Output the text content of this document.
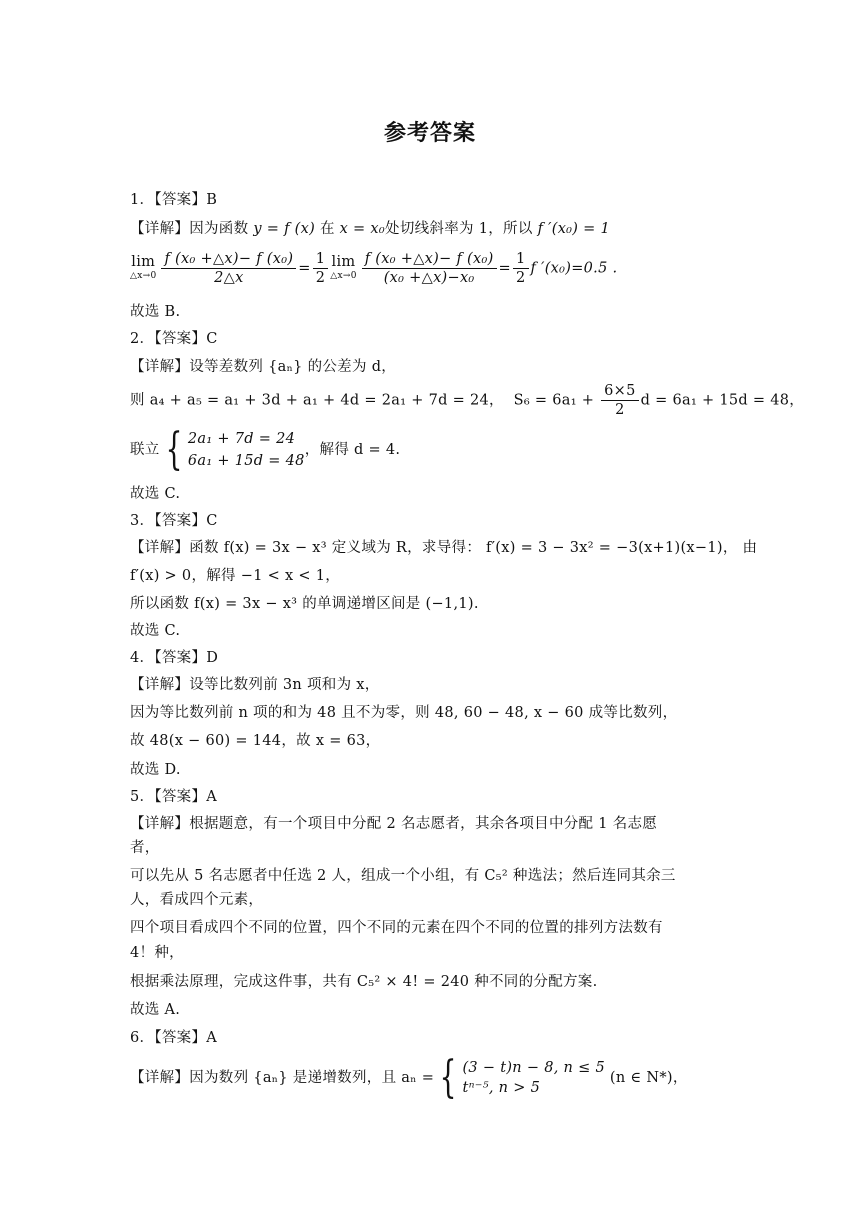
参考答案
1．【答案】B
【详解】因为函数 y = f (x) 在 x = x₀处切线斜率为 1，所以 f ′(x₀) = 1
lim
△x→0 $\frac{\text{f (x₀ +△x)− f (x₀)}}{2\triangle x} = \frac{1}{2}$ lim
△x→0 $\frac{\text{f (x₀ +△x)− f (x₀)}}{\text{(x₀ +△x)−x₀}} = \frac{1}{2}$ f ′(x₀)=0.5 .
故选 B.
2．【答案】C
【详解】设等差数列 {aₙ} 的公差为 d，
则 a₄ + a₅ = a₁ + 3d + a₁ + 4d = 2a₁ + 7d = 24， $S_6 = 6a_1 + \frac{6\times 5}{2}$ d = 6a₁ + 15d = 48，
联立 { 2a₁ + 7d = 24
6a₁ + 15d = 48
，解得 d = 4.
故选 C.
3．【答案】C
【详解】函数 f(x) = 3x − x³ 定义域为 R，求导得： f′(x) = 3 − 3x² = −3(x+1)(x−1)， 由
f′(x) > 0，解得 −1 < x < 1，
所以函数 f(x) = 3x − x³ 的单调递增区间是 (−1,1).
故选 C.
4．【答案】D
【详解】设等比数列前 3n 项和为 x，
因为等比数列前 n 项的和为 48 且不为零，则 48, 60 − 48, x − 60 成等比数列，
故 48(x − 60) = 144，故 x = 63，
故选 D.
5．【答案】A
【详解】根据题意，有一个项目中分配 2 名志愿者，其余各项目中分配 1 名志愿
者，
可以先从 5 名志愿者中任选 2 人，组成一个小组，有 C₅² 种选法；然后连同其余三
人，看成四个元素，
四个项目看成四个不同的位置，四个不同的元素在四个不同的位置的排列方法数有
4！种，
根据乘法原理，完成这件事，共有 C₅² × 4! = 240 种不同的分配方案.
故选 A.
6．【答案】A
【详解】因为数列 {aₙ} 是递增数列，且 aₙ = { (3 − t)n − 8, n ≤ 5
tⁿ⁻⁵, n > 5
(n ∈ N*)，
